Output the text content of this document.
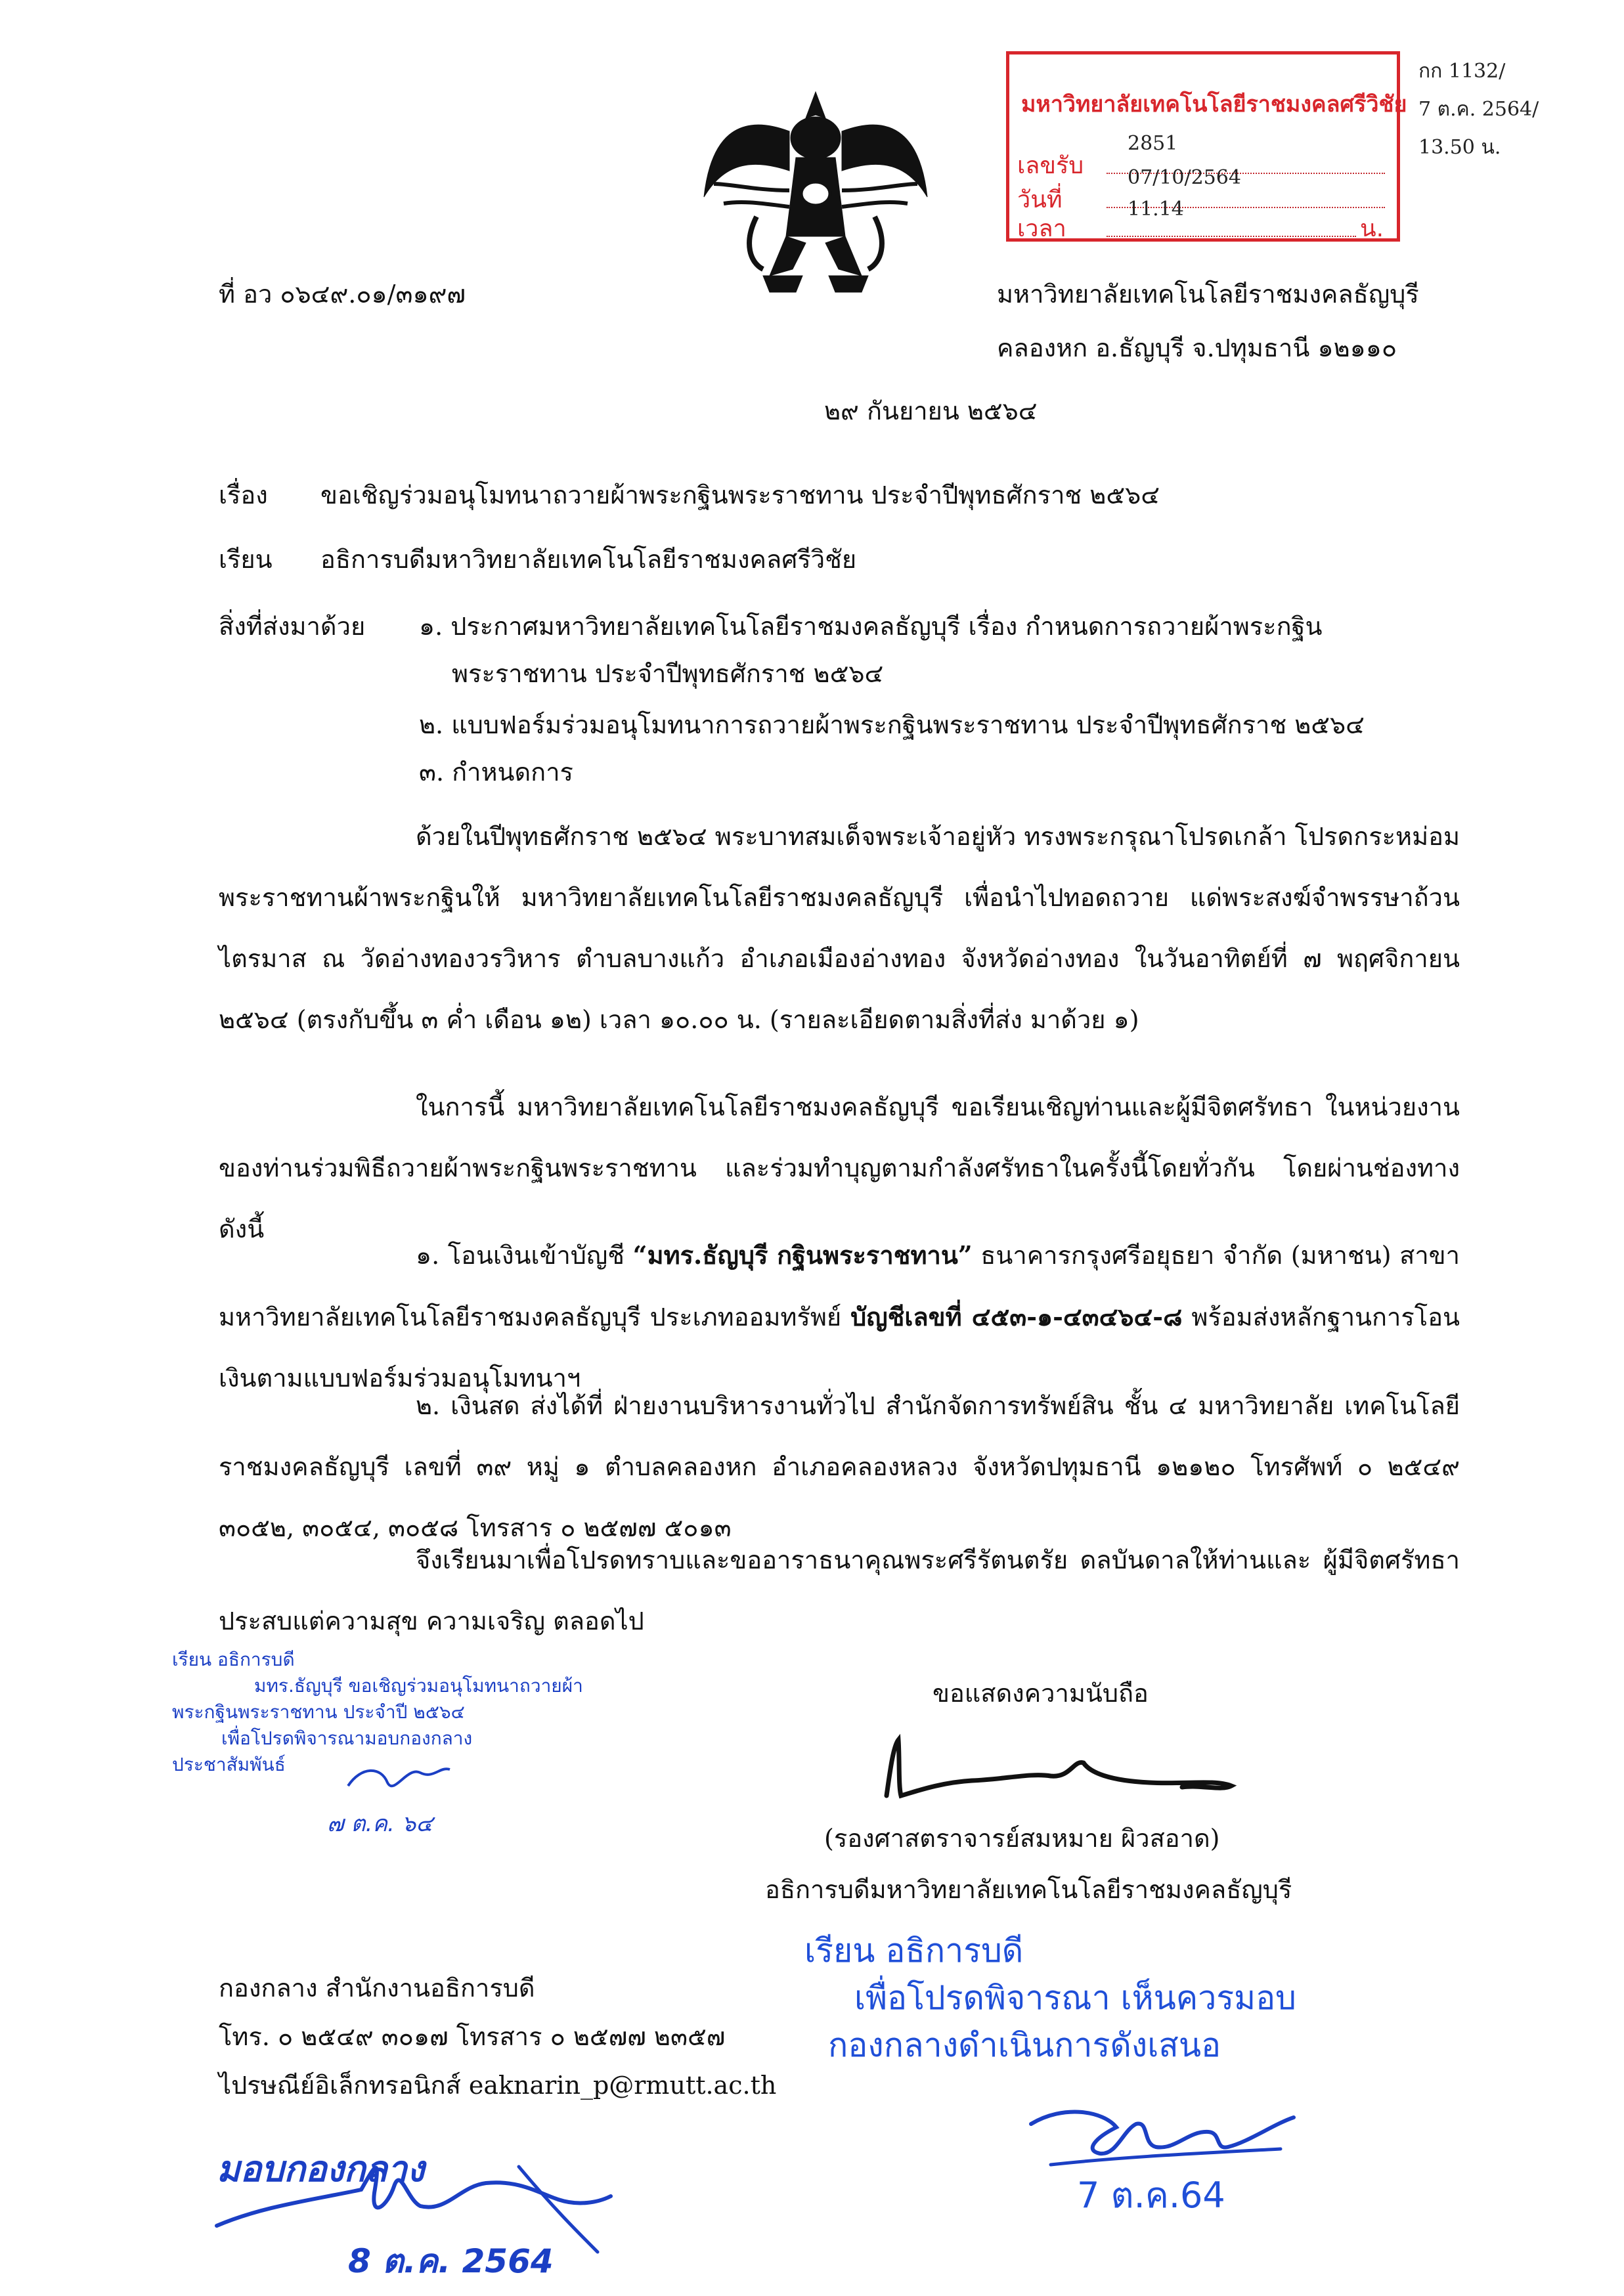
กก 1132/
7 ต.ค. 2564/
13.50 น.
มหาวิทยาลัยเทคโนโลยีราชมงคลศรีวิชัย
เลขรับ
2851
วันที่
07/10/2564
เวลา
11.14
น.
ที่ อว ๐๖๔๙.๐๑/๓๑๙๗	มหาวิทยาลัยเทคโนโลยีราชมงคลธัญบุรี
คลองหก อ.ธัญบุรี จ.ปทุมธานี ๑๒๑๑๐
๒๙ กันยายน ๒๕๖๔
เรื่อง ขอเชิญร่วมอนุโมทนาถวายผ้าพระกฐินพระราชทาน ประจำปีพุทธศักราช ๒๕๖๔
เรียน อธิการบดีมหาวิทยาลัยเทคโนโลยีราชมงคลศรีวิชัย
สิ่งที่ส่งมาด้วย ๑. ประกาศมหาวิทยาลัยเทคโนโลยีราชมงคลธัญบุรี เรื่อง กำหนดการถวายผ้าพระกฐิน
พระราชทาน ประจำปีพุทธศักราช ๒๕๖๔
๒. แบบฟอร์มร่วมอนุโมทนาการถวายผ้าพระกฐินพระราชทาน ประจำปีพุทธศักราช ๒๕๖๔
๓. กำหนดการ
ด้วยในปีพุทธศักราช ๒๕๖๔ พระบาทสมเด็จพระเจ้าอยู่หัว ทรงพระกรุณาโปรดเกล้า โปรดกระหม่อมพระราชทานผ้าพระกฐินให้ มหาวิทยาลัยเทคโนโลยีราชมงคลธัญบุรี เพื่อนำไปทอดถวาย แด่พระสงฆ์จำพรรษาถ้วนไตรมาส ณ วัดอ่างทองวรวิหาร ตำบลบางแก้ว อำเภอเมืองอ่างทอง จังหวัดอ่างทอง ในวันอาทิตย์ที่ ๗ พฤศจิกายน ๒๕๖๔ (ตรงกับขึ้น ๓ ค่ำ เดือน ๑๒) เวลา ๑๐.๐๐ น. (รายละเอียดตามสิ่งที่ส่ง มาด้วย ๑)
ในการนี้ มหาวิทยาลัยเทคโนโลยีราชมงคลธัญบุรี ขอเรียนเชิญท่านและผู้มีจิตศรัทธา ในหน่วยงานของท่านร่วมพิธีถวายผ้าพระกฐินพระราชทาน และร่วมทำบุญตามกำลังศรัทธาในครั้งนี้โดยทั่วกัน โดยผ่านช่องทางดังนี้
๑. โอนเงินเข้าบัญชี “มทร.ธัญบุรี กฐินพระราชทาน” ธนาคารกรุงศรีอยุธยา จำกัด (มหาชน) สาขามหาวิทยาลัยเทคโนโลยีราชมงคลธัญบุรี ประเภทออมทรัพย์ บัญชีเลขที่ ๔๕๓-๑-๔๓๔๖๔-๘ พร้อมส่งหลักฐานการโอนเงินตามแบบฟอร์มร่วมอนุโมทนาฯ
๒. เงินสด ส่งได้ที่ ฝ่ายงานบริหารงานทั่วไป สำนักจัดการทรัพย์สิน ชั้น ๔ มหาวิทยาลัย เทคโนโลยีราชมงคลธัญบุรี เลขที่ ๓๙ หมู่ ๑ ตำบลคลองหก อำเภอคลองหลวง จังหวัดปทุมธานี ๑๒๑๒๐ โทรศัพท์ ๐ ๒๕๔๙ ๓๐๕๒, ๓๐๕๔, ๓๐๕๘ โทรสาร ๐ ๒๕๗๗ ๕๐๑๓
จึงเรียนมาเพื่อโปรดทราบและขออาราธนาคุณพระศรีรัตนตรัย ดลบันดาลให้ท่านและ ผู้มีจิตศรัทธา ประสบแต่ความสุข ความเจริญ ตลอดไป
เรียน อธิการบดี
มทร.ธัญบุรี ขอเชิญร่วมอนุโมทนาถวายผ้า
พระกฐินพระราชทาน ประจำปี ๒๕๖๔
เพื่อโปรดพิจารณามอบกองกลาง
ประชาสัมพันธ์
๗ ต.ค. ๖๔
ขอแสดงความนับถือ
(รองศาสตราจารย์สมหมาย ผิวสอาด)
อธิการบดีมหาวิทยาลัยเทคโนโลยีราชมงคลธัญบุรี
เรียน อธิการบดี
เพื่อโปรดพิจารณา เห็นควรมอบ
กองกลางดำเนินการดังเสนอ
กองกลาง สำนักงานอธิการบดี
โทร. ๐ ๒๕๔๙ ๓๐๑๗ โทรสาร ๐ ๒๕๗๗ ๒๓๕๗
ไปรษณีย์อิเล็กทรอนิกส์ eaknarin_p@rmutt.ac.th
7 ต.ค.64
มอบกองกลาง
8 ต.ค. 2564
